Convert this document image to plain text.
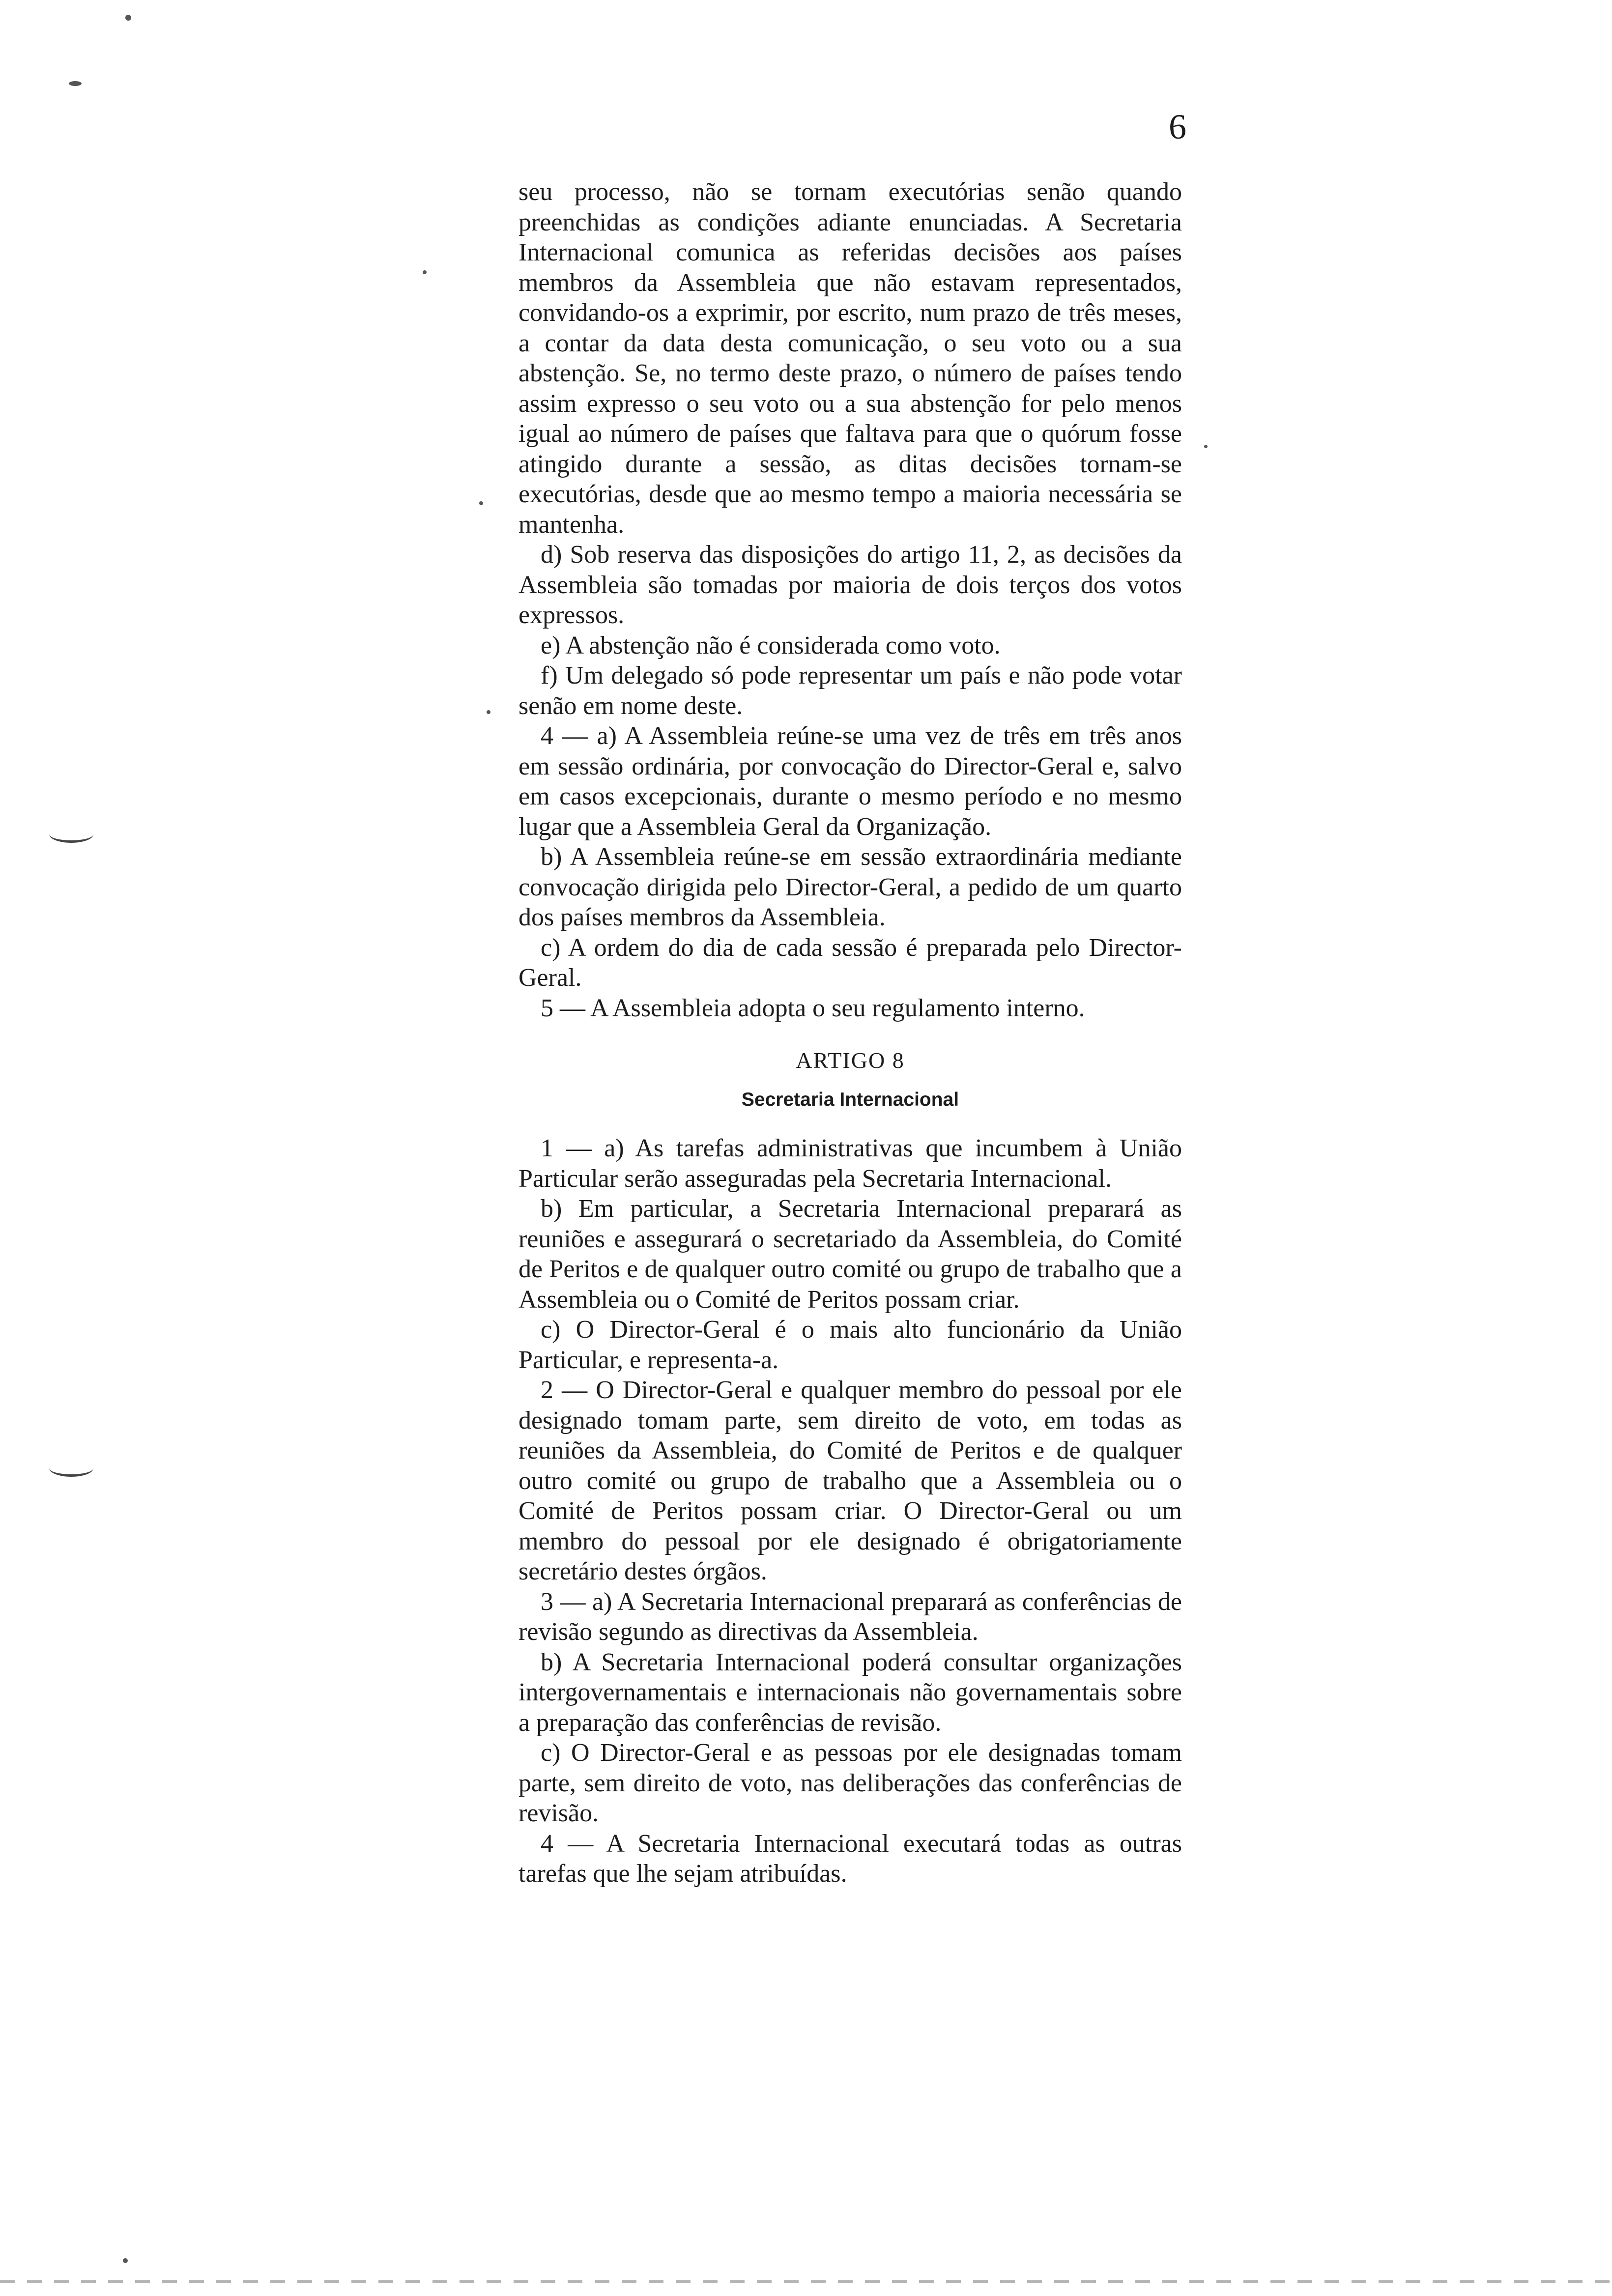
6

seu processo, não se tornam executórias senão quando preenchidas as condições adiante enunciadas. A Secretaria Internacional comunica as referidas decisões aos países membros da Assembleia que não estavam representados, convidando-os a exprimir, por escrito, num prazo de três meses, a contar da data desta comunicação, o seu voto ou a sua abstenção. Se, no termo deste prazo, o número de países tendo assim expresso o seu voto ou a sua abstenção for pelo menos igual ao número de países que faltava para que o quórum fosse atingido durante a sessão, as ditas decisões tornam-se executórias, desde que ao mesmo tempo a maioria necessária se mantenha.

d) Sob reserva das disposições do artigo 11, 2, as decisões da Assembleia são tomadas por maioria de dois terços dos votos expressos.

e) A abstenção não é considerada como voto.

f) Um delegado só pode representar um país e não pode votar senão em nome deste.

4 — a) A Assembleia reúne-se uma vez de três em três anos em sessão ordinária, por convocação do Director-Geral e, salvo em casos excepcionais, durante o mesmo período e no mesmo lugar que a Assembleia Geral da Organização.

b) A Assembleia reúne-se em sessão extraordinária mediante convocação dirigida pelo Director-Geral, a pedido de um quarto dos países membros da Assembleia.

c) A ordem do dia de cada sessão é preparada pelo Director-Geral.

5 — A Assembleia adopta o seu regulamento interno.

ARTIGO 8
Secretaria Internacional

1 — a) As tarefas administrativas que incumbem à União Particular serão asseguradas pela Secretaria Internacional.

b) Em particular, a Secretaria Internacional preparará as reuniões e assegurará o secretariado da Assembleia, do Comité de Peritos e de qualquer outro comité ou grupo de trabalho que a Assembleia ou o Comité de Peritos possam criar.

c) O Director-Geral é o mais alto funcionário da União Particular, e representa-a.

2 — O Director-Geral e qualquer membro do pessoal por ele designado tomam parte, sem direito de voto, em todas as reuniões da Assembleia, do Comité de Peritos e de qualquer outro comité ou grupo de trabalho que a Assembleia ou o Comité de Peritos possam criar. O Director-Geral ou um membro do pessoal por ele designado é obrigatoriamente secretário destes órgãos.

3 — a) A Secretaria Internacional preparará as conferências de revisão segundo as directivas da Assembleia.

b) A Secretaria Internacional poderá consultar organizações intergovernamentais e internacionais não governamentais sobre a preparação das conferências de revisão.

c) O Director-Geral e as pessoas por ele designadas tomam parte, sem direito de voto, nas deliberações das conferências de revisão.

4 — A Secretaria Internacional executará todas as outras tarefas que lhe sejam atribuídas.
